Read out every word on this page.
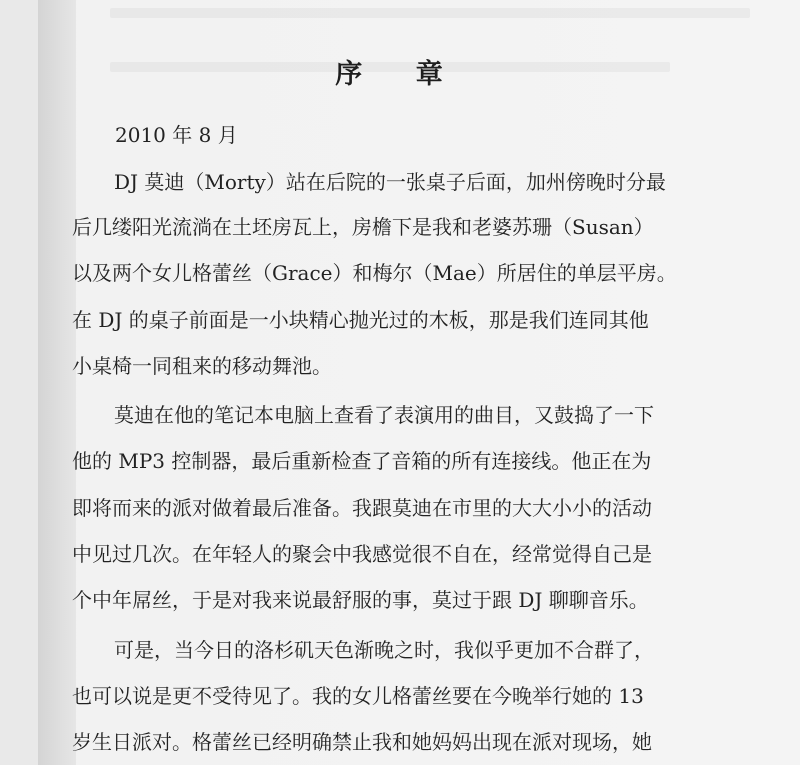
序 章
2010 年 8 月
DJ 莫迪（Morty）站在后院的一张桌子后面，加州傍晚时分最
后几缕阳光流淌在土坯房瓦上，房檐下是我和老婆苏珊（Susan）
以及两个女儿格蕾丝（Grace）和梅尔（Mae）所居住的单层平房。
在 DJ 的桌子前面是一小块精心抛光过的木板，那是我们连同其他
小桌椅一同租来的移动舞池。
莫迪在他的笔记本电脑上查看了表演用的曲目，又鼓捣了一下
他的 MP3 控制器，最后重新检查了音箱的所有连接线。他正在为
即将而来的派对做着最后准备。我跟莫迪在市里的大大小小的活动
中见过几次。在年轻人的聚会中我感觉很不自在，经常觉得自己是
个中年屌丝，于是对我来说最舒服的事，莫过于跟 DJ 聊聊音乐。
可是，当今日的洛杉矶天色渐晚之时，我似乎更加不合群了，
也可以说是更不受待见了。我的女儿格蕾丝要在今晚举行她的 13
岁生日派对。格蕾丝已经明确禁止我和她妈妈出现在派对现场，她
